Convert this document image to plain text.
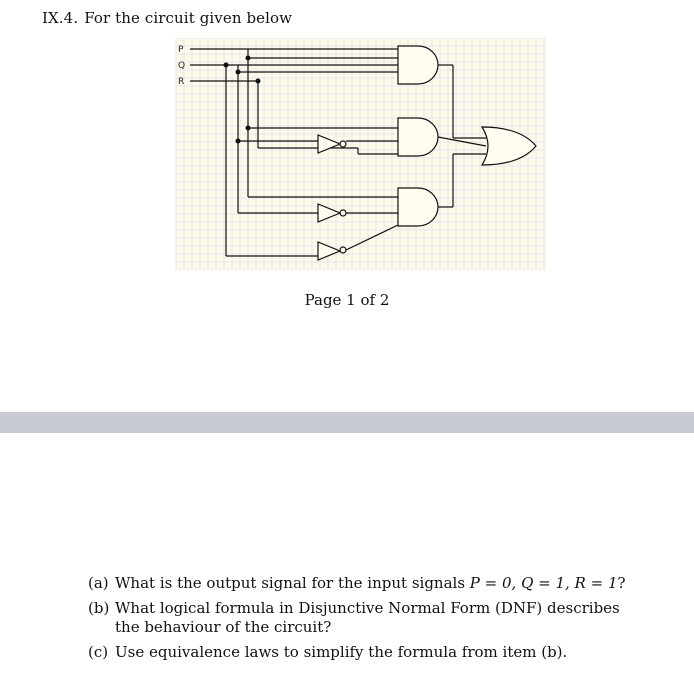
IX.4. For the circuit given below
P
Q
R
Page 1 of 2
(a) What is the output signal for the input signals P = 0, Q = 1, R = 1?
(b) What logical formula in Disjunctive Normal Form (DNF) describes the behaviour of the circuit?
(c) Use equivalence laws to simplify the formula from item (b).
